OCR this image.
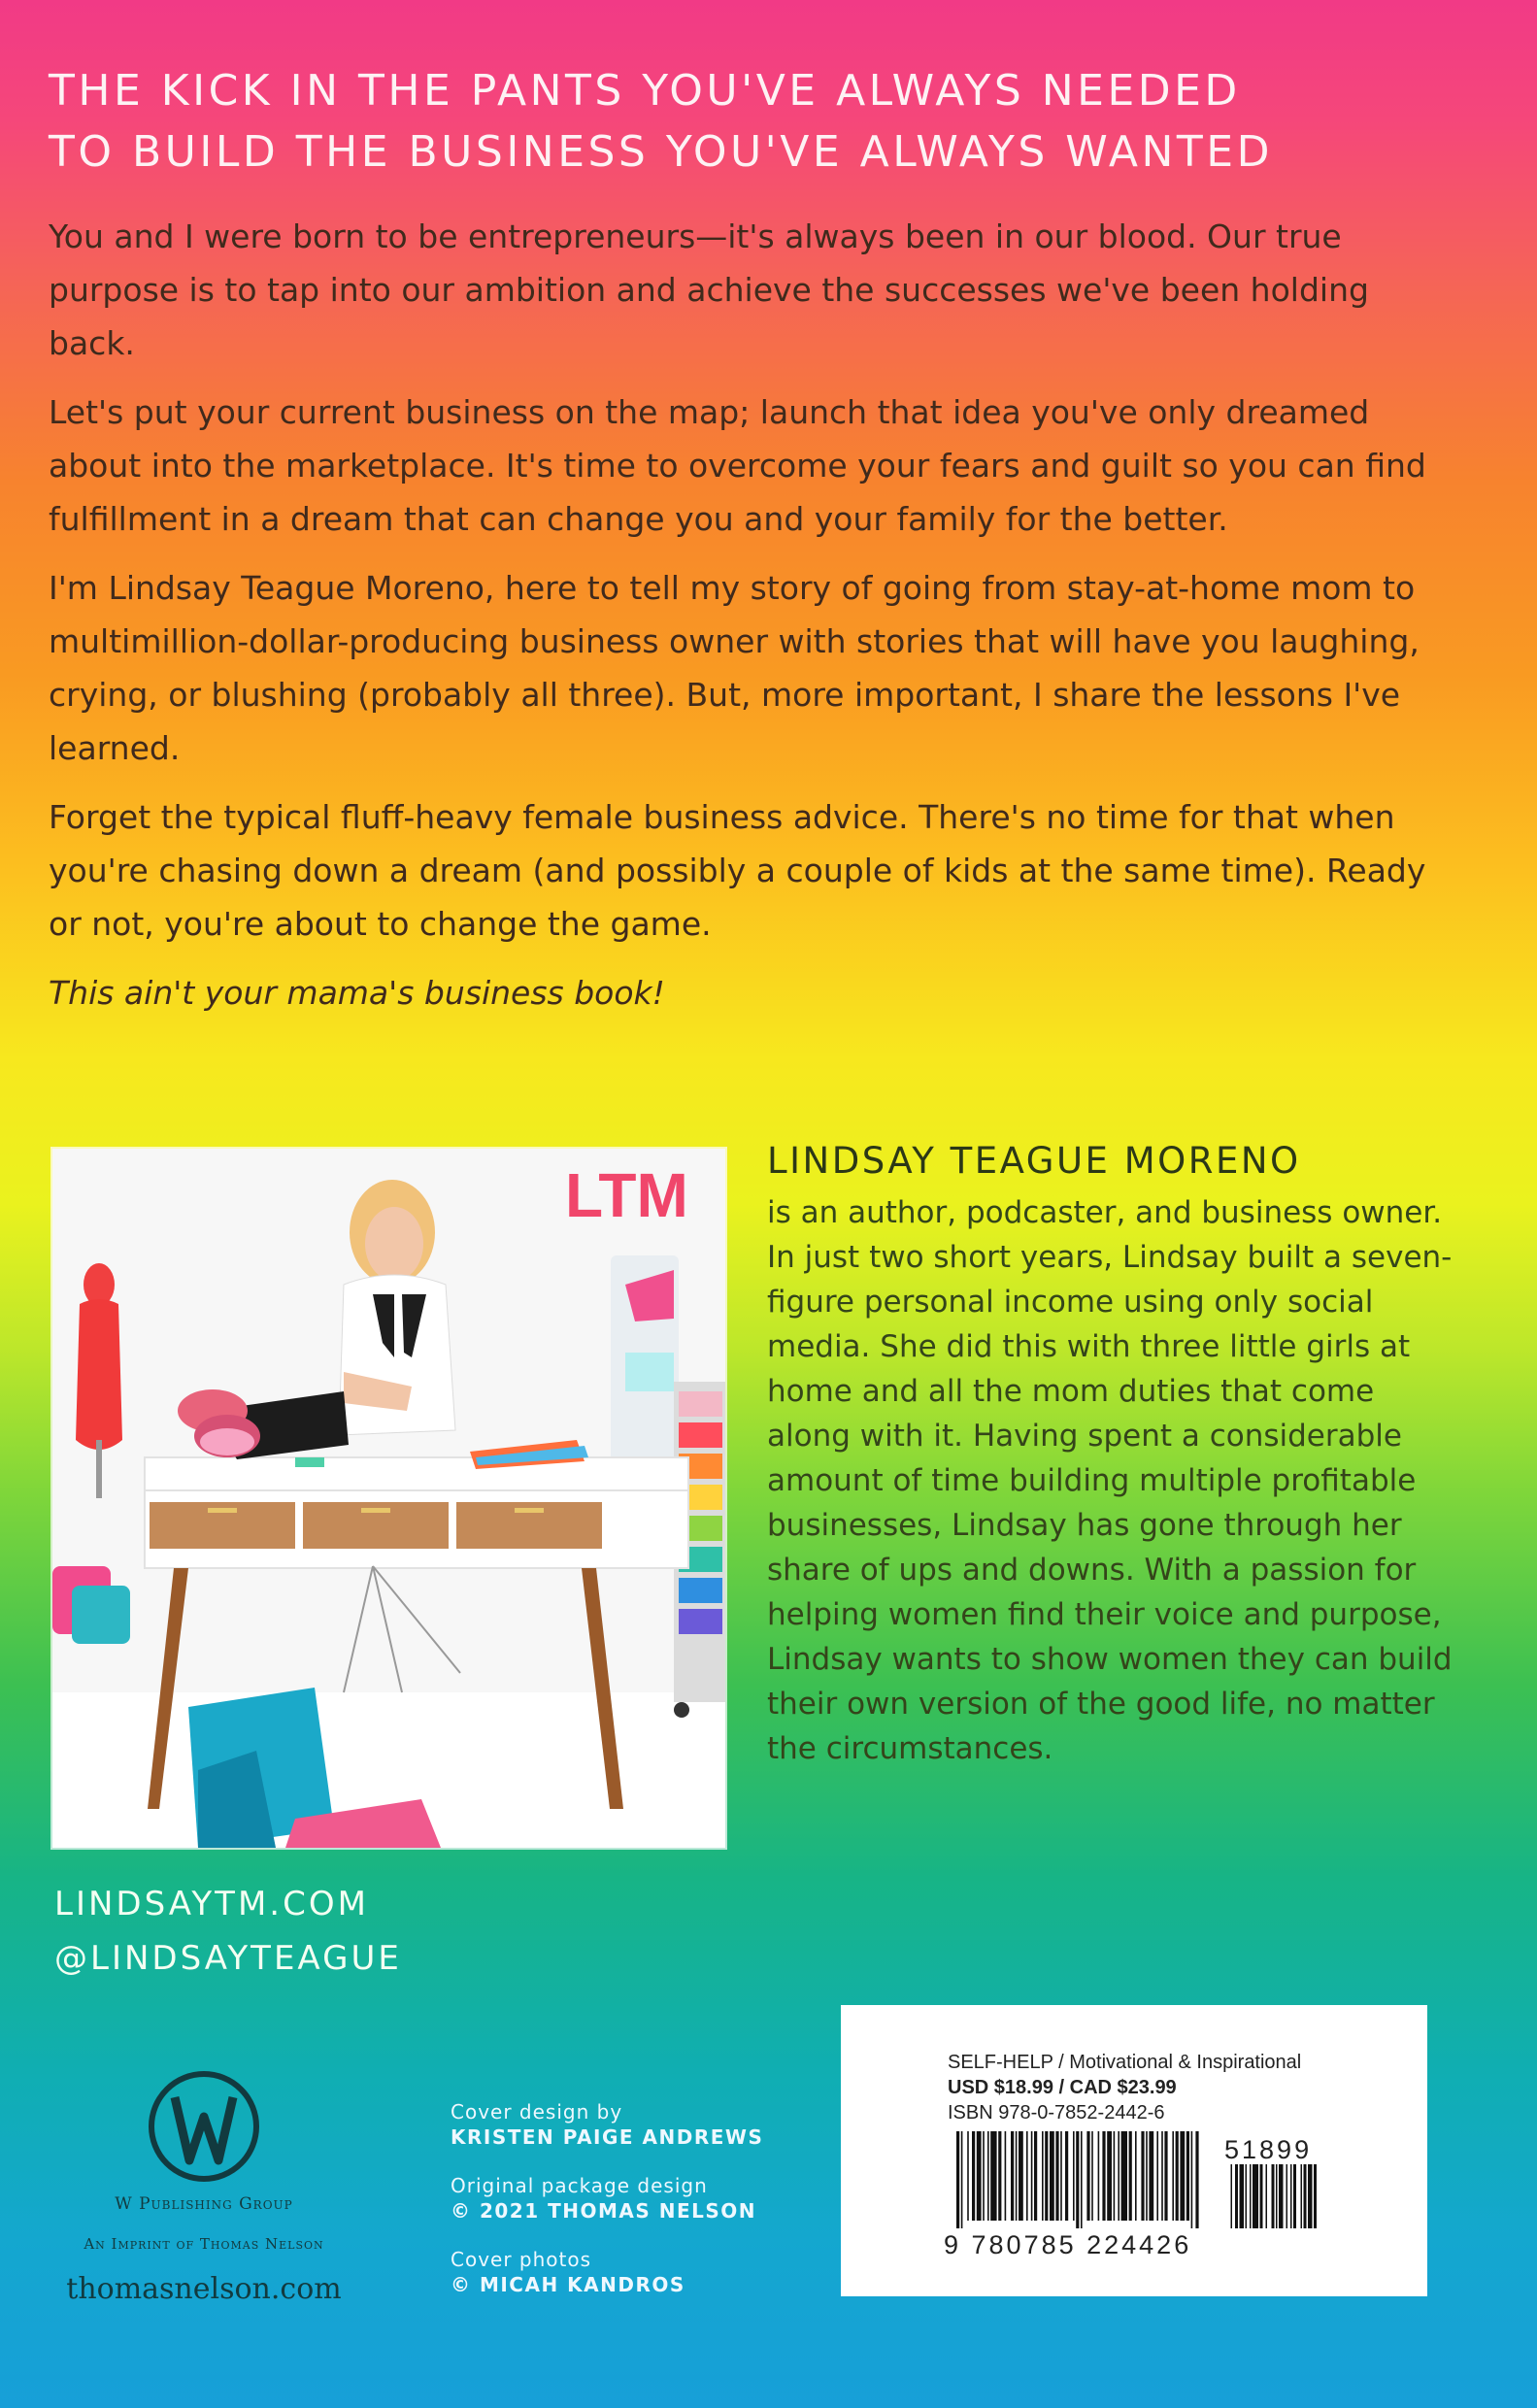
THE KICK IN THE PANTS YOU'VE ALWAYS NEEDED
TO BUILD THE BUSINESS YOU'VE ALWAYS WANTED

You and I were born to be entrepreneurs—it's always been in our blood. Our true purpose is to tap into our ambition and achieve the successes we've been holding back.

Let's put your current business on the map; launch that idea you've only dreamed about into the marketplace. It's time to overcome your fears and guilt so you can find fulfillment in a dream that can change you and your family for the better.

I'm Lindsay Teague Moreno, here to tell my story of going from stay-at-home mom to multimillion-dollar-producing business owner with stories that will have you laughing, crying, or blushing (probably all three). But, more important, I share the lessons I've learned.

Forget the typical fluff-heavy female business advice. There's no time for that when you're chasing down a dream (and possibly a couple of kids at the same time). Ready or not, you're about to change the game.

This ain't your mama's business book!

LTM LINDSAY TEAGUE MORENO

is an author, podcaster, and business owner. In just two short years, Lindsay built a seven-figure personal income using only social media. She did this with three little girls at home and all the mom duties that come along with it. Having spent a considerable amount of time building multiple profitable businesses, Lindsay has gone through her share of ups and downs. With a passion for helping women find their voice and purpose, Lindsay wants to show women they can build their own version of the good life, no matter the circumstances.

LINDSAYTM.COM
@LINDSAYTEAGUE
W Publishing Group
An Imprint of Thomas Nelson
thomasnelson.com
Cover design by
KRISTEN PAIGE ANDREWS
Original package design
© 2021 THOMAS NELSON
Cover photos
© MICAH KANDROS
SELF-HELP / Motivational & Inspirational
USD $18.99 / CAD $23.99
ISBN 978-0-7852-2442-6
9 780785 224426
51899
